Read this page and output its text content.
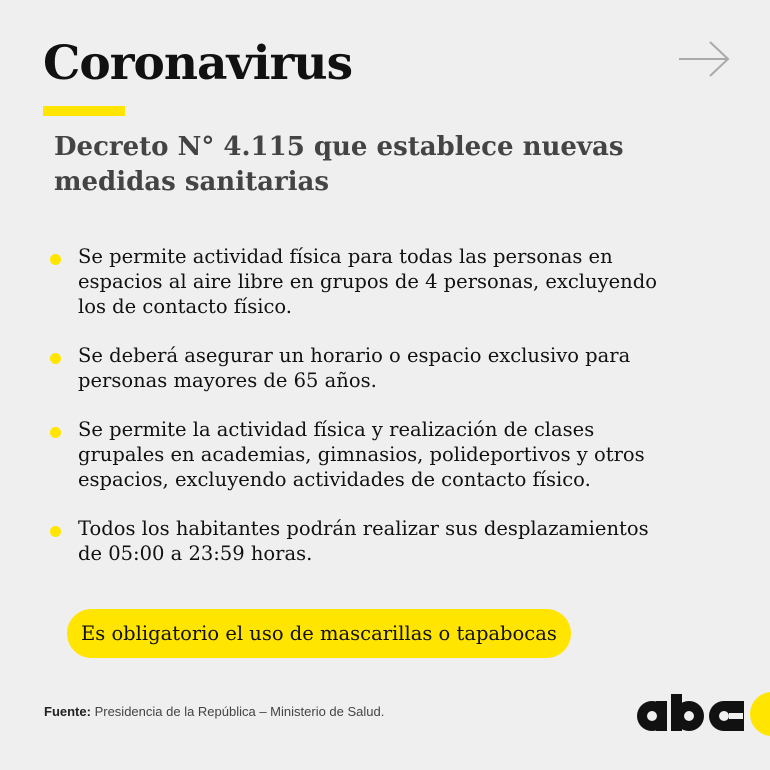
Coronavirus
Decreto N° 4.115 que establece nuevas medidas sanitarias
Se permite actividad física para todas las personas en espacios al aire libre en grupos de 4 personas, excluyendo los de contacto físico.
Se deberá asegurar un horario o espacio exclusivo para personas mayores de 65 años.
Se permite la actividad física y realización de clases grupales en academias, gimnasios, polideportivos y otros espacios, excluyendo actividades de contacto físico.
Todos los habitantes podrán realizar sus desplazamientos de 05:00 a 23:59 horas.
Es obligatorio el uso de mascarillas o tapabocas
Fuente: Presidencia de la República – Ministerio de Salud.
